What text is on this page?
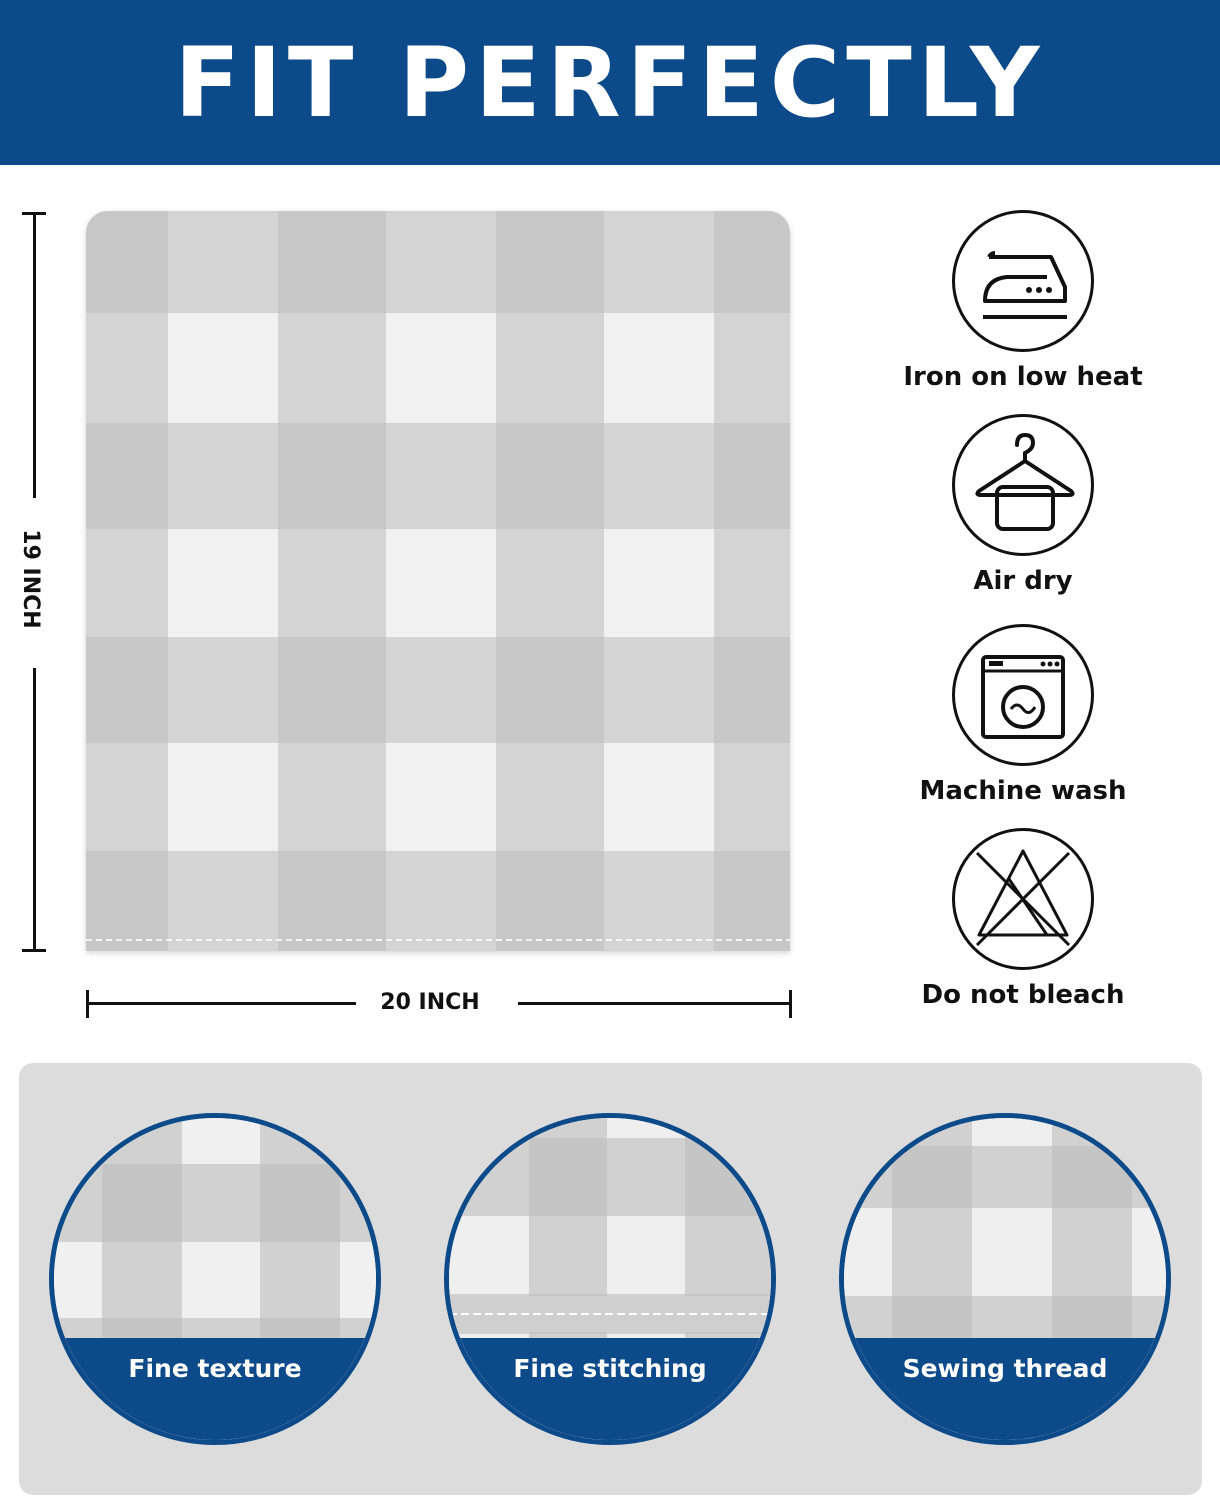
FIT PERFECTLY
19 INCH
20 INCH
Iron on low heat
Air dry
Machine wash
Do not bleach
Fine texture	Fine stitching	Sewing thread
